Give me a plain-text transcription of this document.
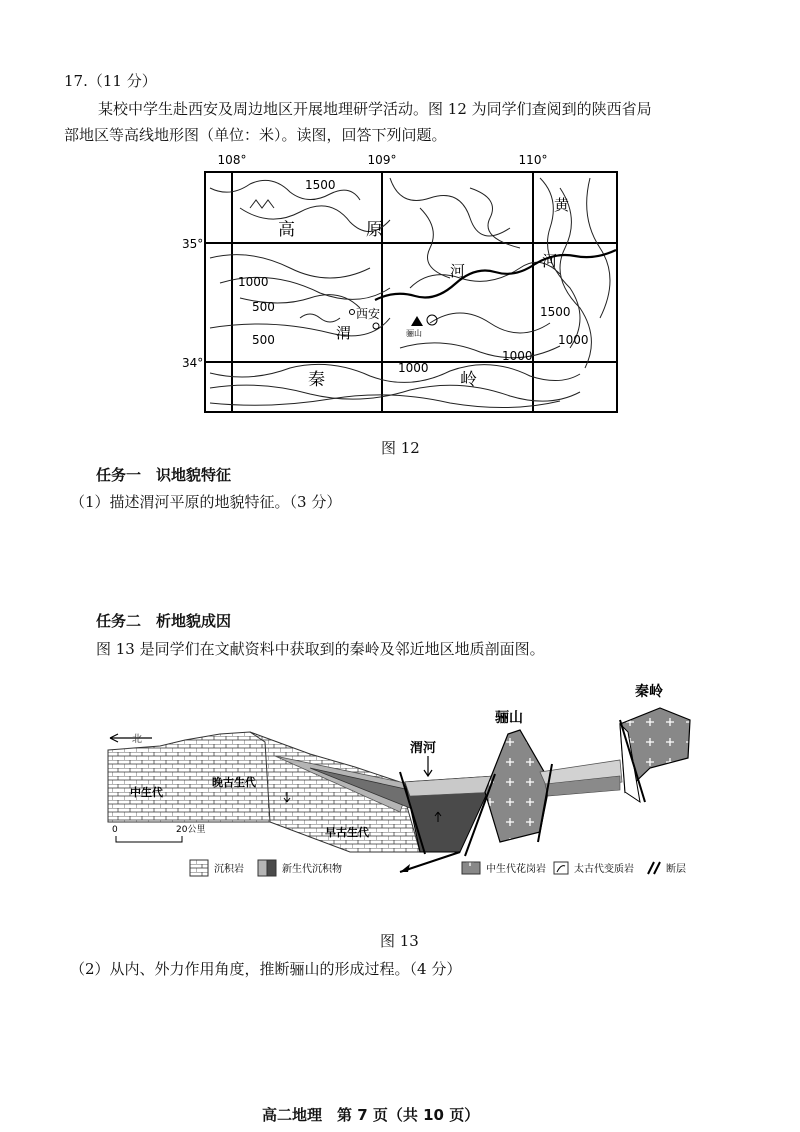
17.（11 分）
某校中学生赴西安及周边地区开展地理研学活动。图 12 为同学们查阅到的陕西省局
部地区等高线地形图（单位：米）。读图，回答下列问题。
108°	109°	110°
35°
34°
1500
1000
500
500
1500
1000
1000
1000
高	原
黄
河
河
渭
西安
骊山
秦	岭
图 12
任务一　识地貌特征
（1）描述渭河平原的地貌特征。（3 分）
任务二　析地貌成因
图 13 是同学们在文献资料中获取到的秦岭及邻近地区地质剖面图。
北
渭河
骊山
秦岭
中生代
晚古生代
早古生代
0	20公里
沉积岩	新生代沉积物	中生代花岗岩	太古代变质岩	断层
图 13
（2）从内、外力作用角度，推断骊山的形成过程。（4 分）
高二地理　第 7 页（共 10 页）
